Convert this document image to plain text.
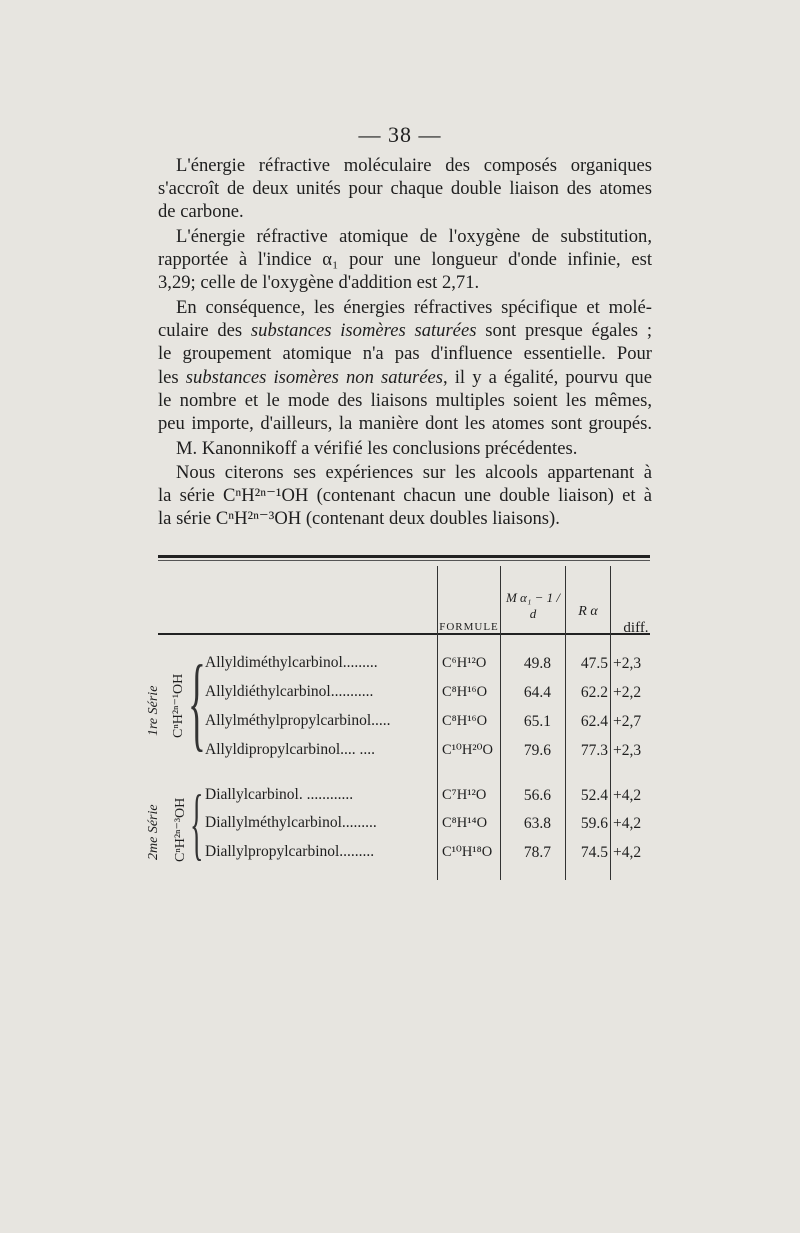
— 38 —
L'énergie réfractive moléculaire des composés organiques
s'accroît de deux unités pour chaque double liaison des atomes
de carbone.
L'énergie réfractive atomique de l'oxygène de substitution,
rapportée à l'indice α₁ pour une longueur d'onde infinie, est
3,29; celle de l'oxygène d'addition est 2,71.
En conséquence, les énergies réfractives spécifique et molé-
culaire des substances isomères saturées sont presque égales ;
le groupement atomique n'a pas d'influence essentielle. Pour
les substances isomères non saturées, il y a égalité, pourvu que
le nombre et le mode des liaisons multiples soient les mêmes,
peu importe, d'ailleurs, la manière dont les atomes sont groupés.
M. Kanonnikoff a vérifié les conclusions précédentes.
Nous citerons ses expériences sur les alcools appartenant à
la série CⁿH²ⁿ⁻¹OH (contenant chacun une double liaison) et à
la série CⁿH²ⁿ⁻³OH (contenant deux doubles liaisons).
FORMULE
M α₁ − 1 / d	R α
diff.
1re Série CⁿH²ⁿ⁻¹OH { Allyldiméthylcarbinol.........	C⁶H¹²O	49.8	47.5 +2,3
Allyldiéthylcarbinol...........	C⁸H¹⁶O	64.4	62.2 +2,2
Allylméthylpropylcarbinol.....	C⁸H¹⁶O	65.1	62.4 +2,7
Allyldipropylcarbinol.... ....	C¹⁰H²⁰O	79.6	77.3 +2,3
2me Série CⁿH²ⁿ⁻³OH { Diallylcarbinol. ............	C⁷H¹²O	56.6	52.4 +4,2
Diallylméthylcarbinol.........	C⁸H¹⁴O	63.8	59.6 +4,2
Diallylpropylcarbinol.........	C¹⁰H¹⁸O	78.7	74.5 +4,2
